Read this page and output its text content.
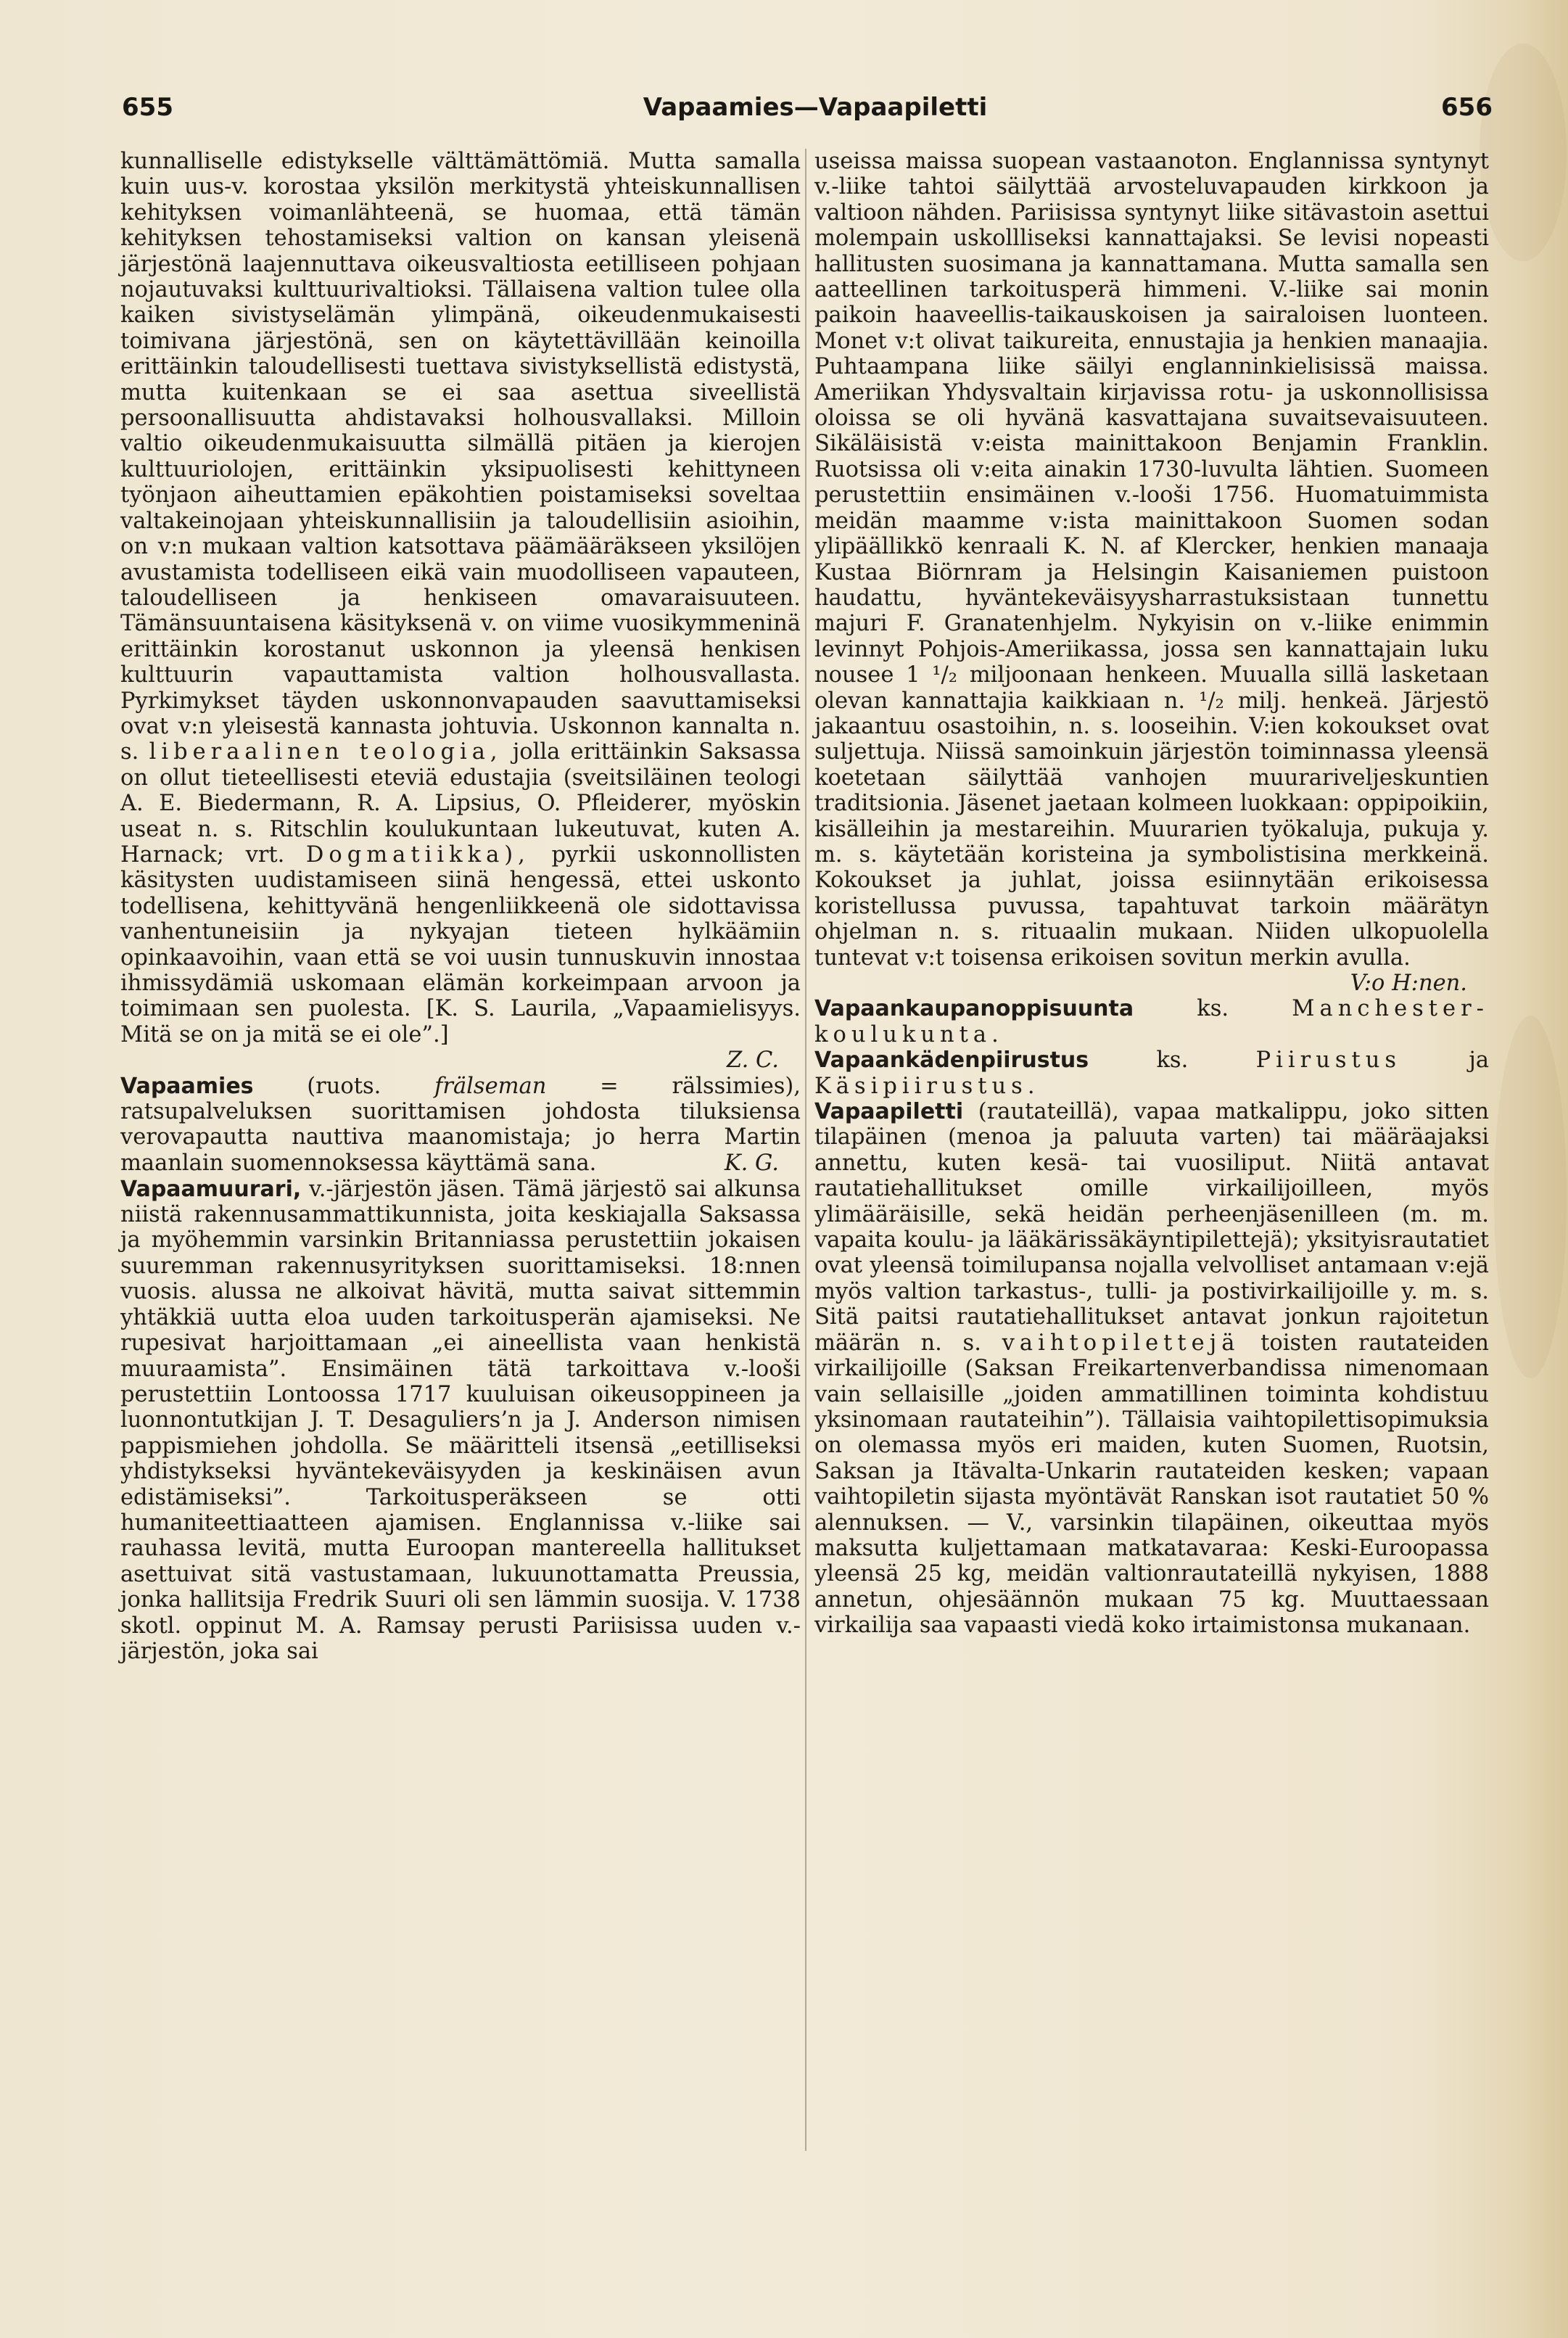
655	Vapaamies—Vapaapiletti	656

kunnalliselle edistykselle välttämättömiä. Mutta samalla kuin uus-v. korostaa yksilön merkitystä yhteiskunnallisen kehityksen voimanlähteenä, se huomaa, että tämän kehityksen tehostamiseksi valtion on kansan yleisenä järjestönä laajennuttava oikeusvaltiosta eetilliseen pohjaan nojautuvaksi kulttuurivaltioksi. Tällaisena valtion tulee olla kaiken sivistyselämän ylimpänä, oikeudenmukaisesti toimivana järjestönä, sen on käytettävillään keinoilla erittäinkin taloudellisesti tuettava sivistyksellistä edistystä, mutta kuitenkaan se ei saa asettua siveellistä persoonallisuutta ahdistavaksi holhousvallaksi. Milloin valtio oikeudenmukaisuutta silmällä pitäen ja kierojen kulttuuriolojen, erittäinkin yksipuolisesti kehittyneen työnjaon aiheuttamien epäkohtien poistamiseksi soveltaa valtakeinojaan yhteiskunnallisiin ja taloudellisiin asioihin, on v:n mukaan valtion katsottava päämääräkseen yksilöjen avustamista todelliseen eikä vain muodolliseen vapauteen, taloudelliseen ja henkiseen omavaraisuuteen. Tämänsuuntaisena käsityksenä v. on viime vuosikymmeninä erittäinkin korostanut uskonnon ja yleensä henkisen kulttuurin vapauttamista valtion holhousvallasta. Pyrkimykset täyden uskonnonvapauden saavuttamiseksi ovat v:n yleisestä kannasta johtuvia. Uskonnon kannalta n. s. liberaalinen teologia, jolla erittäinkin Saksassa on ollut tieteellisesti eteviä edustajia (sveitsiläinen teologi A. E. Biedermann, R. A. Lipsius, O. Pfleiderer, myöskin useat n. s. Ritschlin koulukuntaan lukeutuvat, kuten A. Harnack; vrt. Dogmatiikka), pyrkii uskonnollisten käsitysten uudistamiseen siinä hengessä, ettei uskonto todellisena, kehittyvänä hengenliikkeenä ole sidottavissa vanhentuneisiin ja nykyajan tieteen hylkäämiin opinkaavoihin, vaan että se voi uusin tunnuskuvin innostaa ihmissydämiä uskomaan elämän korkeimpaan arvoon ja toimimaan sen puolesta. [K. S. Laurila, „Vapaamielisyys. Mitä se on ja mitä se ei ole”.]

Z. C.

Vapaamies (ruots. frälseman = rälssimies), ratsupalveluksen suorittamisen johdosta tiluksiensa verovapautta nauttiva maanomistaja; jo herra Martin maanlain suomennoksessa käyttämä sana.	K. G.

Vapaamuurari, v.-järjestön jäsen. Tämä järjestö sai alkunsa niistä rakennusammattikunnista, joita keskiajalla Saksassa ja myöhemmin varsinkin Britanniassa perustettiin jokaisen suuremman rakennusyrityksen suorittamiseksi. 18:nnen vuosis. alussa ne alkoivat hävitä, mutta saivat sittemmin yhtäkkiä uutta eloa uuden tarkoitusperän ajamiseksi. Ne rupesivat harjoittamaan „ei aineellista vaan henkistä muuraamista”. Ensimäinen tätä tarkoittava v.-looši perustettiin Lontoossa 1717 kuuluisan oikeusoppineen ja luonnontutkijan J. T. Desaguliers’n ja J. Anderson nimisen pappismiehen johdolla. Se määritteli itsensä „eetilliseksi yhdistykseksi hyväntekeväisyyden ja keskinäisen avun edistämiseksi”. Tarkoitusperäkseen se otti humaniteettiaatteen ajamisen. Englannissa v.-liike sai rauhassa levitä, mutta Euroopan mantereella hallitukset asettuivat sitä vastustamaan, lukuunottamatta Preussia, jonka hallitsija Fredrik Suuri oli sen lämmin suosija. V. 1738 skotl. oppinut M. A. Ramsay perusti Pariisissa uuden v.-järjestön, joka sai

useissa maissa suopean vastaanoton. Englannissa syntynyt v.-liike tahtoi säilyttää arvosteluvapauden kirkkoon ja valtioon nähden. Pariisissa syntynyt liike sitävastoin asettui molempain uskollliseksi kannattajaksi. Se levisi nopeasti hallitusten suosimana ja kannattamana. Mutta samalla sen aatteellinen tarkoitusperä himmeni. V.-liike sai monin paikoin haaveellis-taikauskoisen ja sairaloisen luonteen. Monet v:t olivat taikureita, ennustajia ja henkien manaajia. Puhtaampana liike säilyi englanninkielisissä maissa. Ameriikan Yhdysvaltain kirjavissa rotu- ja uskonnollisissa oloissa se oli hyvänä kasvattajana suvaitsevaisuuteen. Sikäläisistä v:eista mainittakoon Benjamin Franklin. Ruotsissa oli v:eita ainakin 1730-luvulta lähtien. Suomeen perustettiin ensimäinen v.-looši 1756. Huomatuimmista meidän maamme v:ista mainittakoon Suomen sodan ylipäällikkö kenraali K. N. af Klercker, henkien manaaja Kustaa Biörnram ja Helsingin Kaisaniemen puistoon haudattu, hyväntekeväisyysharrastuksistaan tunnettu majuri F. Granatenhjelm. Nykyisin on v.-liike enimmin levinnyt Pohjois-Ameriikassa, jossa sen kannattajain luku nousee 1 ¹/₂ miljoonaan henkeen. Muualla sillä lasketaan olevan kannattajia kaikkiaan n. ¹/₂ milj. henkeä. Järjestö jakaantuu osastoihin, n. s. looseihin. V:ien kokoukset ovat suljettuja. Niissä samoinkuin järjestön toiminnassa yleensä koetetaan säilyttää vanhojen muurariveljeskuntien traditsioniа. Jäsenet jaetaan kolmeen luokkaan: oppipoikiin, kisälleihin ja mestareihin. Muurarien työkaluja, pukuja y. m. s. käytetään koristeina ja symbolistisina merkkeinä. Kokoukset ja juhlat, joissa esiinnytään erikoisessa koristellussa puvussa, tapahtuvat tarkoin määrätyn ohjelman n. s. rituaalin mukaan. Niiden ulkopuolella tuntevat v:t toisensa erikoisen sovitun merkin avulla.

V:o H:nen.

Vapaankaupanoppisuunta	ks.	Manchester-koulukunta.

Vapaankädenpiirustus	ks.	Piirustus	ja Käsipiirustus.

Vapaapiletti (rautateillä), vapaa matkalippu, joko sitten tilapäinen (menoa ja paluuta varten) tai määräajaksi annettu, kuten kesä- tai vuosiliput. Niitä antavat rautatiehallitukset omille virkailijoilleen, myös ylimääräisille, sekä heidän perheenjäsenilleen (m. m. vapaita koulu- ja lääkärissäkäyntipilettejä); yksityisrautatiet ovat yleensä toimilupansa nojalla velvolliset antamaan v:ejä myös valtion tarkastus-, tulli- ja postivirkailijoille y. m. s. Sitä paitsi rautatiehallitukset antavat jonkun rajoitetun määrän n. s. vaihtopilettejä toisten rautateiden virkailijoille (Saksan Freikartenverbandissa nimenomaan vain sellaisille „joiden ammatillinen toiminta kohdistuu yksinomaan rautateihin”). Tällaisia vaihtopilettisopimuksia on olemassa myös eri maiden, kuten Suomen, Ruotsin, Saksan ja Itävalta-Unkarin rautateiden kesken; vapaan vaihtopiletin sijasta myöntävät Ranskan isot rautatiet 50 % alennuksen. — V., varsinkin tilapäinen, oikeuttaa myös maksutta kuljettamaan matkatavaraa: Keski-Euroopassa yleensä 25 kg, meidän valtionrautateillä nykyisen, 1888 annetun, ohjesäännön mukaan 75 kg. Muuttaessaan virkailija saa vapaasti viedä koko irtaimistonsa mukanaan.
